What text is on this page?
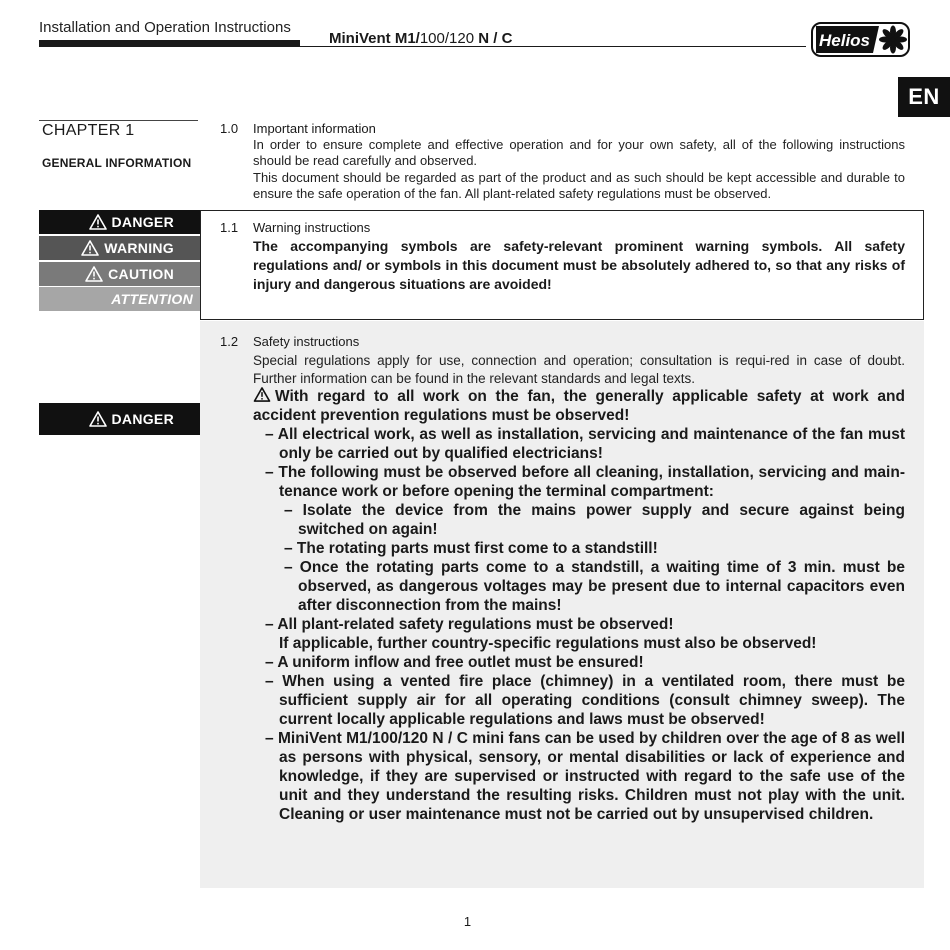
Installation and Operation Instructions
MiniVent M1/100/120 N / C	Helios
EN
CHAPTER 1
GENERAL INFORMATION
1.0 Important information
In order to ensure complete and effective operation and for your own safety, all of the following instructions should be read carefully and observed.
This document should be regarded as part of the product and as such should be kept accessible and durable to ensure the safe operation of the fan. All plant-related safety regulations must be observed.
DANGER
WARNING
CAUTION
ATTENTION
1.1 Warning instructions
The accompanying symbols are safety-relevant prominent warning symbols. All safety regulations and/ or symbols in this document must be absolutely adhered to, so that any risks of injury and dangerous situations are avoided!
1.2 Safety instructions
Special regulations apply for use, connection and operation; consultation is requi-red in case of doubt. Further information can be found in the relevant standards and legal texts.
DANGER
With regard to all work on the fan, the generally applicable safety at work and accident prevention regulations must be observed!
– All electrical work, as well as installation, servicing and maintenance of the fan must only be carried out by qualified electricians!
– The following must be observed before all cleaning, installation, servicing and main-tenance work or before opening the terminal compartment:
– Isolate the device from the mains power supply and secure against being switched on again!
– The rotating parts must first come to a standstill!
– Once the rotating parts come to a standstill, a waiting time of 3 min. must be observed, as dangerous voltages may be present due to internal capacitors even after disconnection from the mains!
– All plant-related safety regulations must be observed!
If applicable, further country-specific regulations must also be observed!
– A uniform inflow and free outlet must be ensured!
– When using a vented fire place (chimney) in a ventilated room, there must be sufficient supply air for all operating conditions (consult chimney sweep). The current locally applicable regulations and laws must be observed!
– MiniVent M1/100/120 N / C mini fans can be used by children over the age of 8 as well as persons with physical, sensory, or mental disabilities or lack of experience and knowledge, if they are supervised or instructed with regard to the safe use of the unit and they understand the resulting risks. Children must not play with the unit. Cleaning or user maintenance must not be carried out by unsupervised children.
1
